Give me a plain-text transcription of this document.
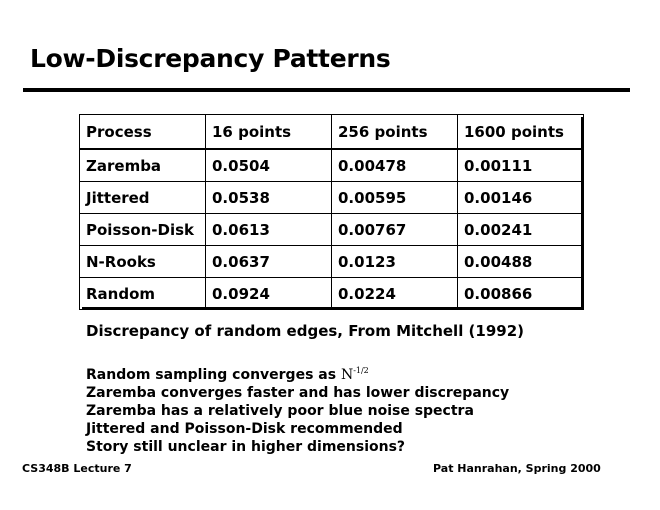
Low-Discrepancy Patterns
Process	16 points	256 points	1600 points
Zaremba	0.0504	0.00478	0.00111
Jittered	0.0538	0.00595	0.00146
Poisson-Disk	0.0613	0.00767	0.00241
N-Rooks	0.0637	0.0123	0.00488
Random	0.0924	0.0224	0.00866
Discrepancy of random edges, From Mitchell (1992)
Random sampling converges as $N^{-1/2}$
Zaremba converges faster and has lower discrepancy
Zaremba has a relatively poor blue noise spectra
Jittered and Poisson-Disk recommended
Story still unclear in higher dimensions?
CS348B Lecture 7	Pat Hanrahan, Spring 2000
